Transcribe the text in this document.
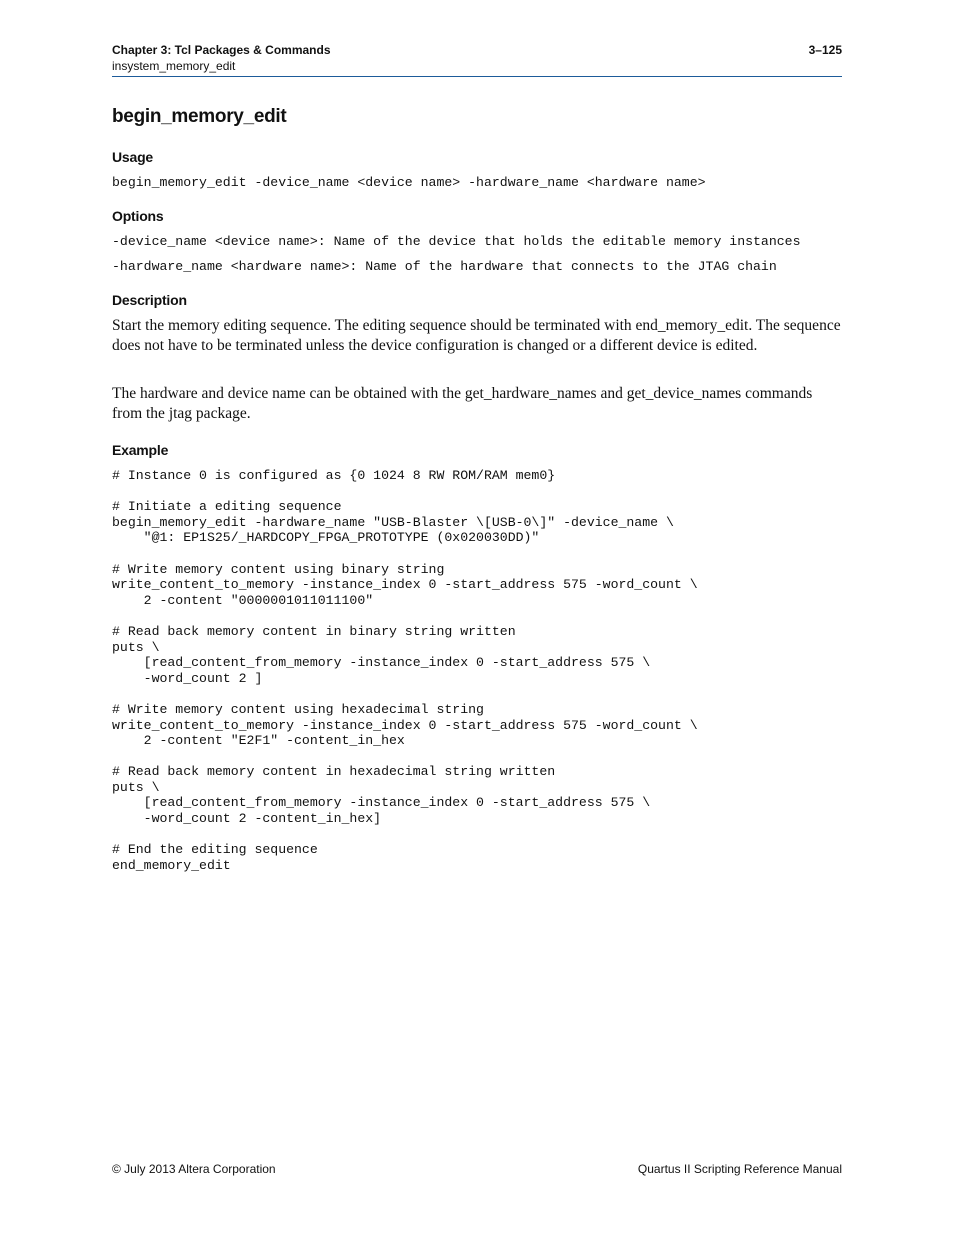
Chapter 3: Tcl Packages & Commands
insystem_memory_edit
3–125
begin_memory_edit
Usage
begin_memory_edit -device_name <device name> -hardware_name <hardware name>
Options
-device_name <device name>: Name of the device that holds the editable memory instances
-hardware_name <hardware name>: Name of the hardware that connects to the JTAG chain
Description

Start the memory editing sequence. The editing sequence should be terminated with end_memory_edit. The sequence does not have to be terminated unless the device configuration is changed or a different device is edited.

The hardware and device name can be obtained with the get_hardware_names and get_device_names commands from the jtag package.

Example
# Instance 0 is configured as {0 1024 8 RW ROM/RAM mem0}

# Initiate a editing sequence
begin_memory_edit -hardware_name "USB-Blaster \[USB-0\]" -device_name \
"@1: EP1S25/_HARDCOPY_FPGA_PROTOTYPE (0x020030DD)"

# Write memory content using binary string
write_content_to_memory -instance_index 0 -start_address 575 -word_count \
2 -content "0000001011011100"

# Read back memory content in binary string written
puts \
[read_content_from_memory -instance_index 0 -start_address 575 \
-word_count 2 ]

# Write memory content using hexadecimal string
write_content_to_memory -instance_index 0 -start_address 575 -word_count \
2 -content "E2F1" -content_in_hex

# Read back memory content in hexadecimal string written
puts \
[read_content_from_memory -instance_index 0 -start_address 575 \
-word_count 2 -content_in_hex]

# End the editing sequence
end_memory_edit
© July 2013 Altera Corporation	Quartus II Scripting Reference Manual
